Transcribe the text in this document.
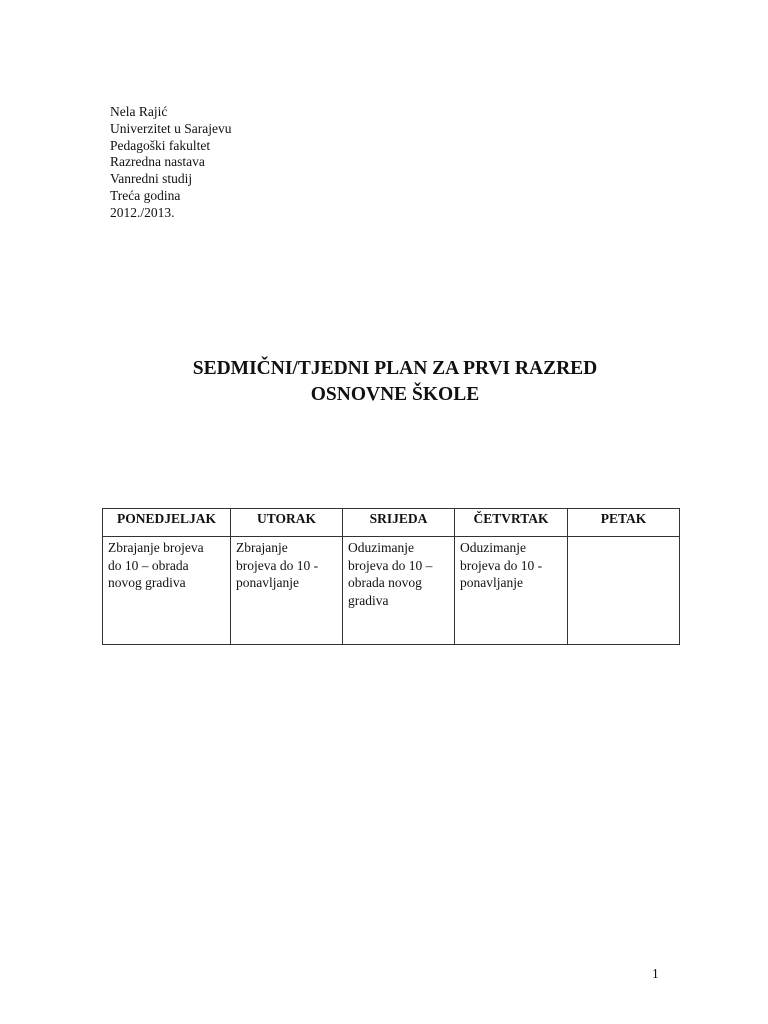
Nela Rajić
Univerzitet u Sarajevu
Pedagoški fakultet
Razredna nastava
Vanredni studij
Treća godina
2012./2013.
SEDMIČNI/TJEDNI PLAN ZA PRVI RAZRED
OSNOVNE ŠKOLE
PONEDJELJAK	UTORAK	SRIJEDA	ČETVRTAK	PETAK

Zbrajanje brojeva
do 10 – obrada
novog gradiva	Zbrajanje
brojeva do 10 -
ponavljanje	Oduzimanje
brojeva do 10 –
obrada novog
gradiva	Oduzimanje
brojeva do 10 -
ponavljanje	

1
